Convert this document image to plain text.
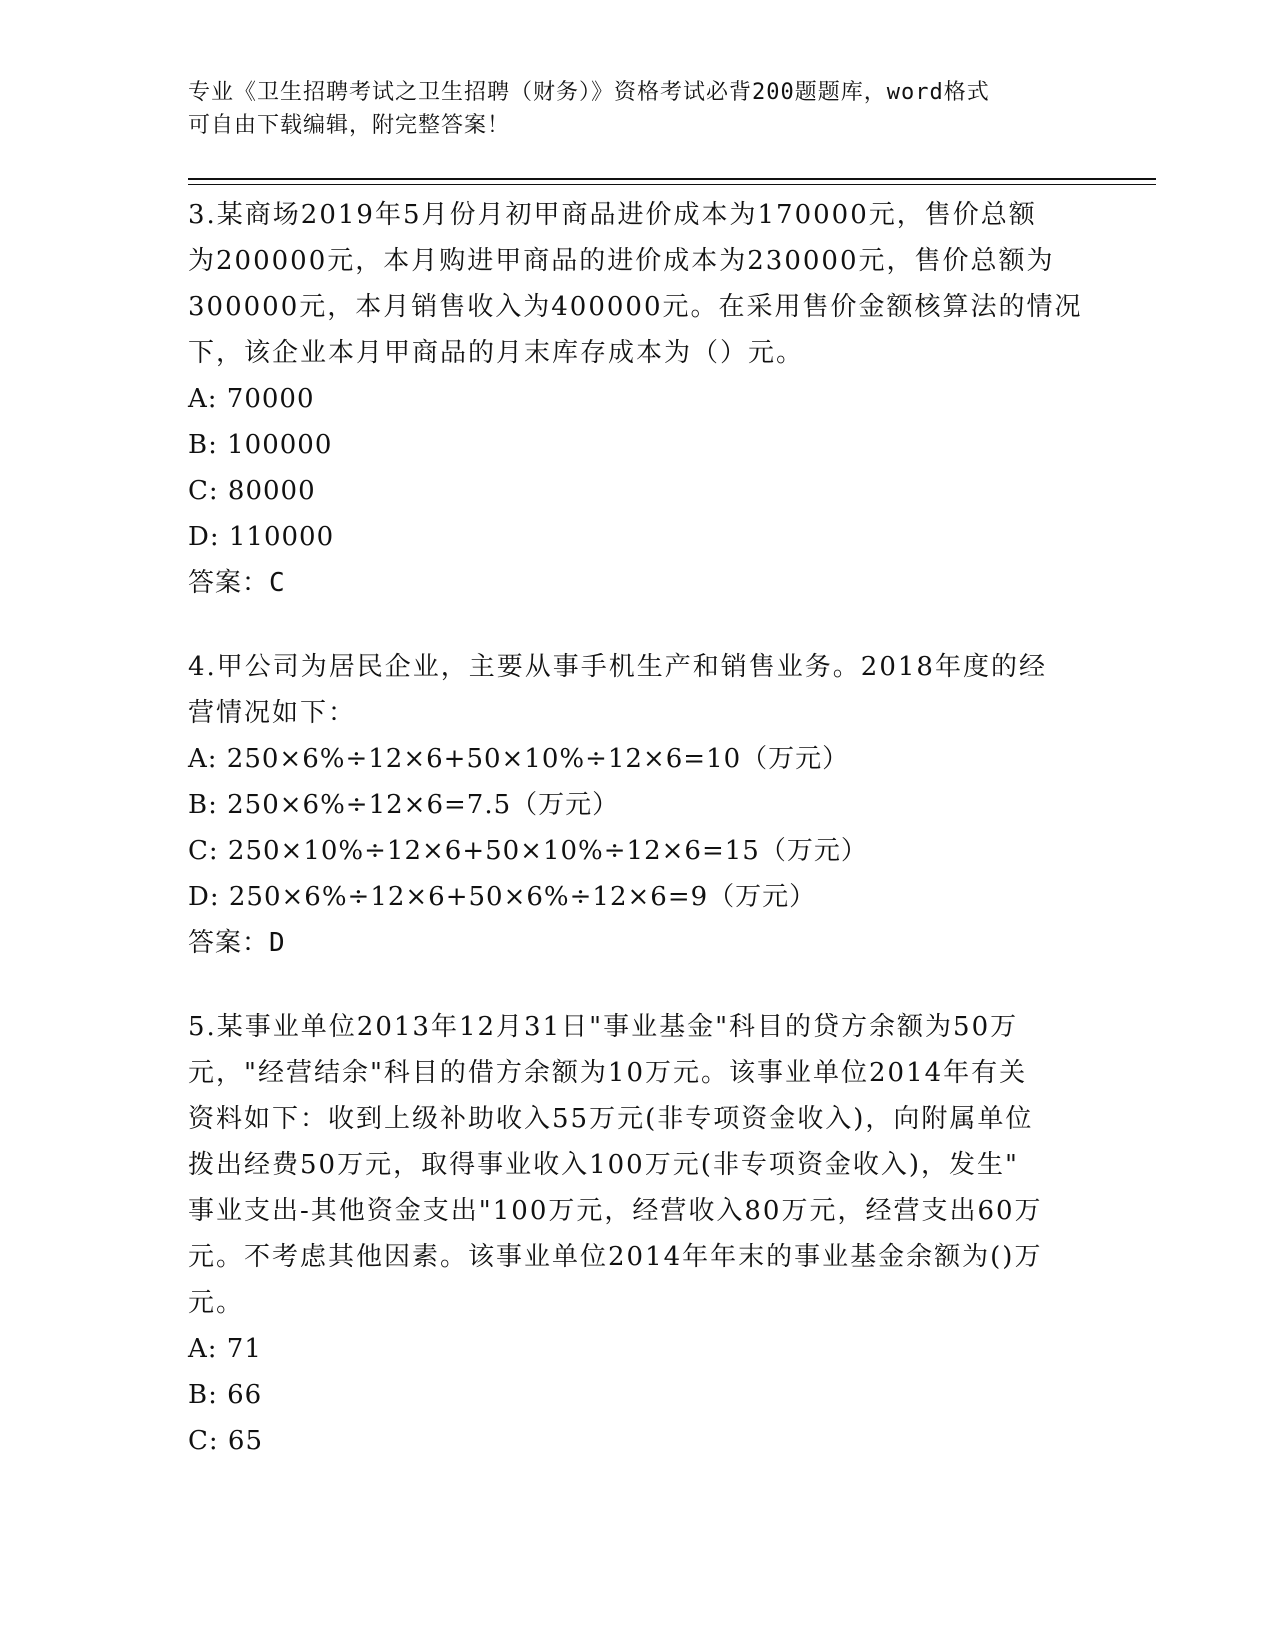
专业《卫生招聘考试之卫生招聘（财务）》资格考试必背200题题库，word格式
可自由下载编辑，附完整答案！
3.某商场2019年5月份月初甲商品进价成本为170000元，售价总额
为200000元，本月购进甲商品的进价成本为230000元，售价总额为
300000元，本月销售收入为400000元。在采用售价金额核算法的情况
下，该企业本月甲商品的月末库存成本为（）元。
A: 70000
B: 100000
C: 80000
D: 110000
答案：C
4.甲公司为居民企业，主要从事手机生产和销售业务。2018年度的经
营情况如下：
A: 250×6%÷12×6+50×10%÷12×6=10（万元）
B: 250×6%÷12×6=7.5（万元）
C: 250×10%÷12×6+50×10%÷12×6=15（万元）
D: 250×6%÷12×6+50×6%÷12×6=9（万元）
答案：D
5.某事业单位2013年12月31日"事业基金"科目的贷方余额为50万
元，"经营结余"科目的借方余额为10万元。该事业单位2014年有关
资料如下：收到上级补助收入55万元(非专项资金收入)，向附属单位
拨出经费50万元，取得事业收入100万元(非专项资金收入)，发生"
事业支出-其他资金支出"100万元，经营收入80万元，经营支出60万
元。不考虑其他因素。该事业单位2014年年末的事业基金余额为()万
元。
A: 71
B: 66
C: 65
